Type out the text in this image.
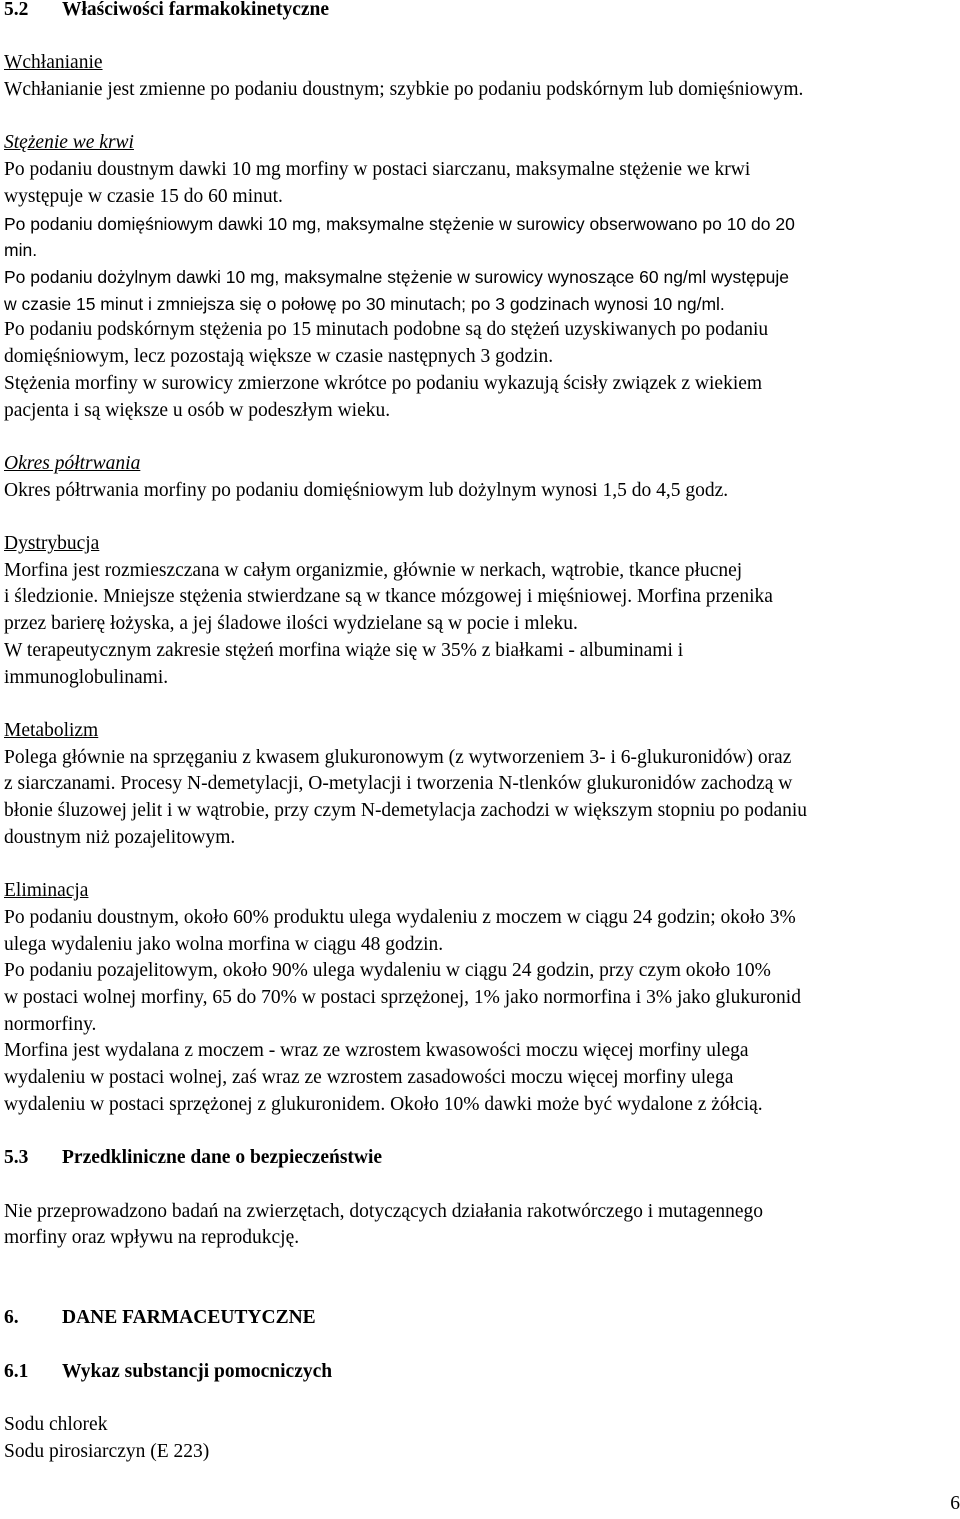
5.2 Właściwości farmakokinetyczne

Wchłanianie

Wchłanianie jest zmienne po podaniu doustnym; szybkie po podaniu podskórnym lub domięśniowym.

Stężenie we krwi

Po podaniu doustnym dawki 10 mg morfiny w postaci siarczanu, maksymalne stężenie we krwi

występuje w czasie 15 do 60 minut.

Po podaniu domięśniowym dawki 10 mg, maksymalne stężenie w surowicy obserwowano po 10 do 20

min.

Po podaniu dożylnym dawki 10 mg, maksymalne stężenie w surowicy wynoszące 60 ng/ml występuje

w czasie 15 minut i zmniejsza się o połowę po 30 minutach; po 3 godzinach wynosi 10 ng/ml.

Po podaniu podskórnym stężenia po 15 minutach podobne są do stężeń uzyskiwanych po podaniu

domięśniowym, lecz pozostają większe w czasie następnych 3 godzin.

Stężenia morfiny w surowicy zmierzone wkrótce po podaniu wykazują ścisły związek z wiekiem

pacjenta i są większe u osób w podeszłym wieku.

Okres półtrwania

Okres półtrwania morfiny po podaniu domięśniowym lub dożylnym wynosi 1,5 do 4,5 godz.

Dystrybucja

Morfina jest rozmieszczana w całym organizmie, głównie w nerkach, wątrobie, tkance płucnej

i śledzionie. Mniejsze stężenia stwierdzane są w tkance mózgowej i mięśniowej. Morfina przenika

przez barierę łożyska, a jej śladowe ilości wydzielane są w pocie i mleku.

W terapeutycznym zakresie stężeń morfina wiąże się w 35% z białkami - albuminami i

immunoglobulinami.

Metabolizm

Polega głównie na sprzęganiu z kwasem glukuronowym (z wytworzeniem 3- i 6-glukuronidów) oraz

z siarczanami. Procesy N-demetylacji, O-metylacji i tworzenia N-tlenków glukuronidów zachodzą w

błonie śluzowej jelit i w wątrobie, przy czym N-demetylacja zachodzi w większym stopniu po podaniu

doustnym niż pozajelitowym.

Eliminacja

Po podaniu doustnym, około 60% produktu ulega wydaleniu z moczem w ciągu 24 godzin; około 3%

ulega wydaleniu jako wolna morfina w ciągu 48 godzin.

Po podaniu pozajelitowym, około 90% ulega wydaleniu w ciągu 24 godzin, przy czym około 10%

w postaci wolnej morfiny, 65 do 70% w postaci sprzężonej, 1% jako normorfina i 3% jako glukuronid

normorfiny.

Morfina jest wydalana z moczem - wraz ze wzrostem kwasowości moczu więcej morfiny ulega

wydaleniu w postaci wolnej, zaś wraz ze wzrostem zasadowości moczu więcej morfiny ulega

wydaleniu w postaci sprzężonej z glukuronidem. Około 10% dawki może być wydalone z żółcią.

5.3 Przedkliniczne dane o bezpieczeństwie

Nie przeprowadzono badań na zwierzętach, dotyczących działania rakotwórczego i mutagennego

morfiny oraz wpływu na reprodukcję.

6. DANE FARMACEUTYCZNE

6.1 Wykaz substancji pomocniczych

Sodu chlorek

Sodu pirosiarczyn (E 223)

6
